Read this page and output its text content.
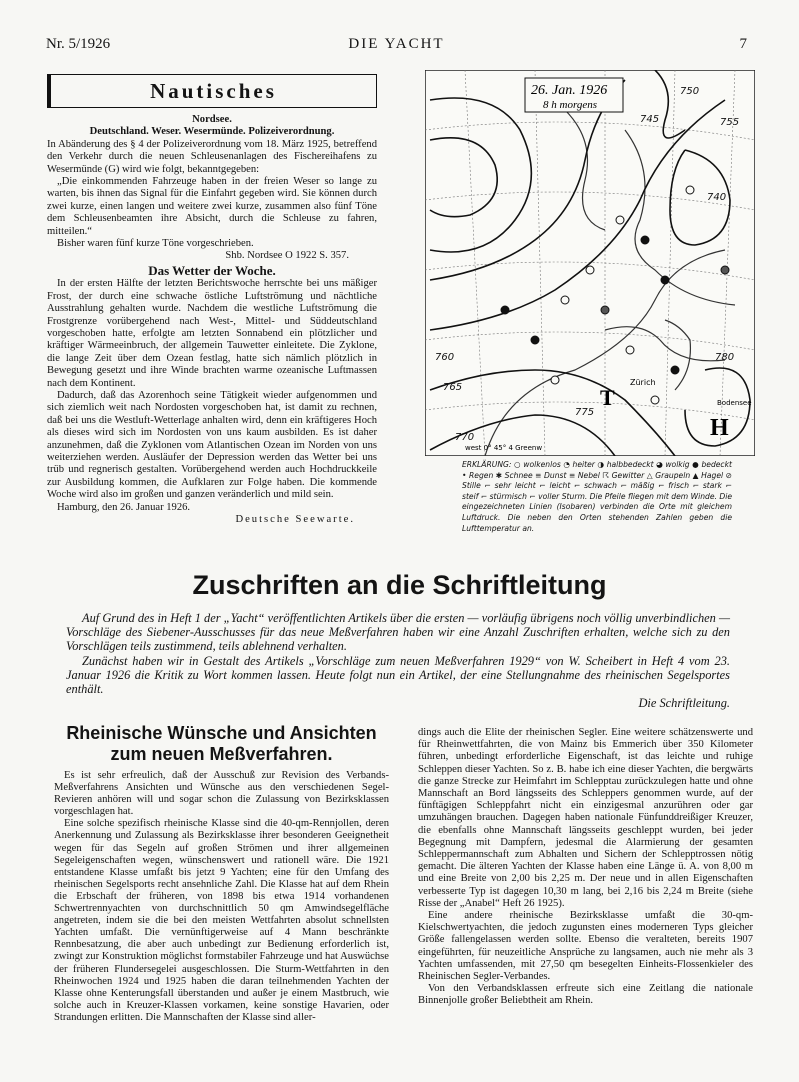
Nr. 5/1926	DIE YACHT	7
Nautisches
Nordsee.
Deutschland. Weser. Wesermünde. Polizeiverordnung.

In Abänderung des § 4 der Polizeiverordnung vom 18. März 1925, betreffend den Verkehr durch die neuen Schleusenanlagen des Fischereihafens zu Wesermünde (G) wird wie folgt, bekanntgegeben:

„Die einkommenden Fahrzeuge haben in der freien Weser so lange zu warten, bis ihnen das Signal für die Einfahrt gegeben wird. Sie können durch zwei kurze, einen langen und weitere zwei kurze, zusammen also fünf Töne dem Schleusenbeamten ihre Absicht, durch die Schleuse zu fahren, mitteilen.“

Bisher waren fünf kurze Töne vorgeschrieben.

Shb. Nordsee O 1922 S. 357.
Das Wetter der Woche.

In der ersten Hälfte der letzten Berichtswoche herrschte bei uns mäßiger Frost, der durch eine schwache östliche Luftströmung und nächtliche Ausstrahlung gehalten wurde. Nachdem die westliche Luftströmung die Frostgrenze vorübergehend nach West-, Mittel- und Süddeutschland vorgeschoben hatte, erfolgte am letzten Sonnabend ein plötzlicher und kräftiger Wärmeeinbruch, der allgemein Tauwetter einleitete. Die Zyklone, die lange Zeit über dem Ozean festlag, hatte sich nämlich plötzlich in Bewegung gesetzt und ihre Winde brachten warme ozeanische Luftmassen nach dem Kontinent.

Dadurch, daß das Azorenhoch seine Tätigkeit wieder aufgenommen und sich ziemlich weit nach Nordosten vorgeschoben hat, ist damit zu rechnen, daß bei uns die Westluft-Wetterlage anhalten wird, denn ein kräftigeres Hoch als dieses wird sich im Nordosten von uns kaum ausbilden. Es ist daher anzunehmen, daß die Zyklonen vom Atlantischen Ozean im Norden von uns weiterziehen werden. Ausläufer der Depression werden das Wetter bei uns trüb und regnerisch gestalten. Vorübergehend werden auch Hochdruckkeile zur Ausbildung kommen, die Aufklaren zur Folge haben. Die kommende Woche wird also im großen und ganzen veränderlich und mild sein.

Hamburg, den 26. Januar 1926.

Deutsche Seewarte.
26. Jan. 1926
8 h morgens
745
750
755
760
765
770
775
740
780
H
T
Zürich
Bodensee
west 0° 45° 4 Greenw
ERKLÄRUNG: ○ wolkenlos ◔ heiter ◑ halbbedeckt ◕ wolkig ● bedeckt • Regen ✱ Schnee ≡ Dunst ≡ Nebel ☈ Gewitter △ Graupeln ▲ Hagel ⊘ Stille ⌐ sehr leicht ⌐ leicht ⌐ schwach ⌐ mäßig ⌐ frisch ⌐ stark ⌐ steif ⌐ stürmisch ⌐ voller Sturm. Die Pfeile fliegen mit dem Winde. Die eingezeichneten Linien (Isobaren) verbinden die Orte mit gleichem Luftdruck. Die neben den Orten stehenden Zahlen geben die Lufttemperatur an.
Zuschriften an die Schriftleitung

Auf Grund des in Heft 1 der „Yacht“ veröffentlichten Artikels über die ersten — vorläufig übrigens noch völlig unverbindlichen — Vorschläge des Siebener-Ausschusses für das neue Meßverfahren haben wir eine Anzahl Zuschriften erhalten, welche sich zu den Vorschlägen teils zustimmend, teils ablehnend verhalten.

Zunächst haben wir in Gestalt des Artikels „Vorschläge zum neuen Meßverfahren 1929“ von W. Scheibert in Heft 4 vom 23. Januar 1926 die Kritik zu Wort kommen lassen. Heute folgt nun ein Artikel, der eine Stellungnahme des rheinischen Segelsportes enthält.

Die Schriftleitung.
Rheinische Wünsche und Ansichten
zum neuen Meßverfahren.

Es ist sehr erfreulich, daß der Ausschuß zur Revision des Verbands-Meßverfahrens Ansichten und Wünsche aus den verschiedenen Segel-Revieren anhören will und sogar schon die Zulassung von Bezirksklassen vorgeschlagen hat.

Eine solche spezifisch rheinische Klasse sind die 40-qm-Rennjollen, deren Anerkennung und Zulassung als Bezirksklasse ihrer besonderen Geeignetheit wegen für das Segeln auf großen Strömen und ihrer allgemeinen Segeleigenschaften wegen, wünschenswert und rationell wäre. Die 1921 entstandene Klasse umfaßt bis jetzt 9 Yachten; eine für den Umfang des rheinischen Segelsports recht ansehnliche Zahl. Die Klasse hat auf dem Rhein die Erbschaft der früheren, von 1898 bis etwa 1914 vorhandenen Schwertrennyachten von durchschnittlich 50 qm Amwindsegelfläche angetreten, indem sie die bei den meisten Wettfahrten absolut schnellsten Yachten umfaßt. Die vernünftigerweise auf 4 Mann beschränkte Rennbesatzung, die aber auch unbedingt zur Bedienung erforderlich ist, zwingt zur Konstruktion möglichst formstabiler Fahrzeuge und hat Auswüchse der früheren Flundersegelei ausgeschlossen. Die Sturm-Wettfahrten in den Rheinwochen 1924 und 1925 haben die daran teilnehmenden Yachten der Klasse ohne Kenterungsfall überstanden und außer je einem Mastbruch, wie solche auch in Kreuzer-Klassen vorkamen, keine sonstige Havarien, oder Strandungen erlitten. Die Mannschaften der Klasse sind aller-

dings auch die Elite der rheinischen Segler. Eine weitere schätzenswerte und für Rheinwettfahrten, die von Mainz bis Emmerich über 350 Kilometer führen, unbedingt erforderliche Eigenschaft, ist das leichte und ruhige Schleppen dieser Yachten. So z. B. habe ich eine dieser Yachten, die bergwärts die ganze Strecke zur Heimfahrt im Schlepptau zurückzulegen hatte und ohne Mannschaft an Bord längsseits des Schleppers genommen wurde, auf der fünftägigen Schleppfahrt nicht ein einzigesmal anzurühren oder gar umzuhängen brauchen. Dagegen haben nationale Fünfunddreißiger Kreuzer, die ebenfalls ohne Mannschaft längsseits geschleppt wurden, bei jeder Begegnung mit Dampfern, jedesmal die Alarmierung der gesamten Schleppermannschaft zum Abhalten und Sichern der Schlepptrossen nötig gemacht. Die älteren Yachten der Klasse haben eine Länge ü. A. von 8,00 m und eine Breite von 2,00 bis 2,25 m. Der neue und in allen Eigenschaften verbesserte Typ ist dagegen 10,30 m lang, bei 2,16 bis 2,24 m Breite (siehe Risse der „Anabel“ Heft 26 1925).

Eine andere rheinische Bezirksklasse umfaßt die 30-qm-Kielschwertyachten, die jedoch zugunsten eines moderneren Typs gleicher Größe fallengelassen werden sollte. Ebenso die veralteten, bereits 1907 eingeführten, für neuzeitliche Ansprüche zu langsamen, auch nie mehr als 3 Yachten umfassenden, mit 27,50 qm besegelten Einheits-Flossenkieler des Rheinischen Segler-Verbandes.

Von den Verbandsklassen erfreute sich eine Zeitlang die nationale Binnenjolle großer Beliebtheit am Rhein.
